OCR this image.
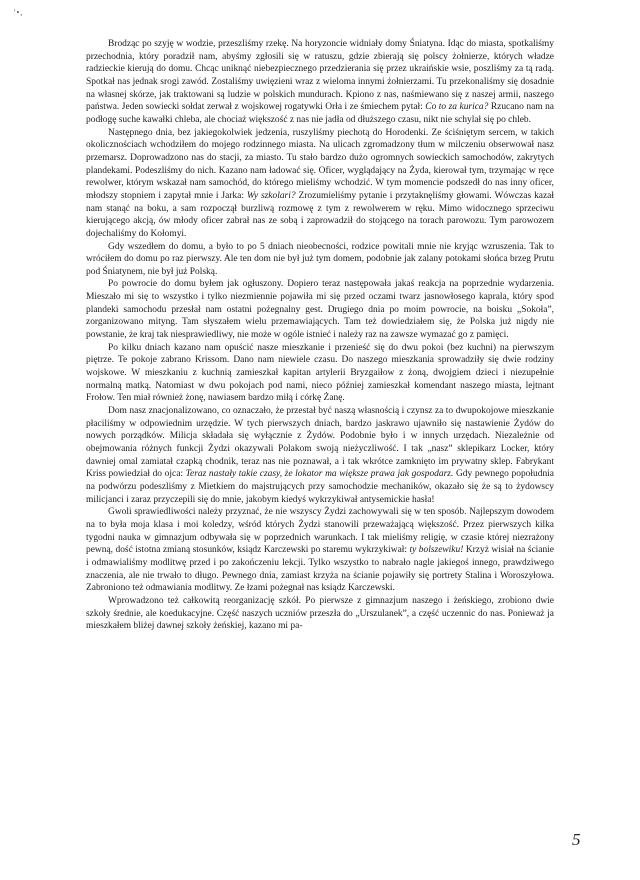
'•,

Brodząc po szyję w wodzie, przeszliśmy rzekę. Na horyzoncie widniały domy Śniatyna. Idąc do miasta, spotkaliśmy przechodnia, który poradził nam, abyśmy zgłosili się w ratuszu, gdzie zbierają się polscy żołnierze, których władze radzieckie kierują do domu. Chcąc uniknąć niebezpiecznego przedzierania się przez ukraińskie wsie, poszliśmy za tą radą. Spotkał nas jednak srogi zawód. Zostaliśmy uwięzieni wraz z wieloma innymi żołnierzami. Tu przekonaliśmy się dosadnie na własnej skórze, jak traktowani są ludzie w polskich mundurach. Kpiono z nas, naśmiewano się z naszej armii, naszego państwa. Jeden sowiecki sołdat zerwał z wojskowej rogatywki Orła i ze śmiechem pytał: Co to za kurica? Rzucano nam na podłogę suche kawałki chleba, ale chociaż większość z nas nie jadła od dłuższego czasu, nikt nie schylał się po chleb.

Następnego dnia, bez jakiegokolwiek jedzenia, ruszyliśmy piechotą do Horodenki. Ze ściśniętym sercem, w takich okolicznościach wchodziłem do mojego rodzinnego miasta. Na ulicach zgromadzony tłum w milczeniu obserwował nasz przemarsz. Doprowadzono nas do stacji, za miasto. Tu stało bardzo dużo ogromnych sowieckich samochodów, zakrytych plandekami. Podeszliśmy do nich. Kazano nam ładować się. Oficer, wyglądający na Żyda, kierował tym, trzymając w ręce rewolwer, którym wskazał nam samochód, do którego mieliśmy wchodzić. W tym momencie podszedł do nas inny oficer, młodszy stopniem i zapytał mnie i Jarka: Wy szkolari? Zrozumieliśmy pytanie i przytaknęliśmy głowami. Wówczas kazał nam stanąć na boku, a sam rozpoczął burzliwą rozmowę z tym z rewolwerem w ręku. Mimo widocznego sprzeciwu kierującego akcją, ów młody oficer zabrał nas ze sobą i zaprowadził do stojącego na torach parowozu. Tym parowozem dojechaliśmy do Kołomyi.

Gdy wszedłem do domu, a było to po 5 dniach nieobecności, rodzice powitali mnie nie kryjąc wzruszenia. Tak to wróciłem do domu po raz pierwszy. Ale ten dom nie był już tym domem, podobnie jak zalany potokami słońca brzeg Prutu pod Śniatynem, nie był już Polską.

Po powrocie do domu byłem jak ogłuszony. Dopiero teraz następowała jakaś reakcja na poprzednie wydarzenia. Mieszało mi się to wszystko i tylko niezmiennie pojawiła mi się przed oczami twarz jasnowłosego kaprala, który spod plandeki samochodu przesłał nam ostatni pożegnalny gest. Drugiego dnia po moim powrocie, na boisku „Sokoła”, zorganizowano mityng. Tam słyszałem wielu przemawiających. Tam też dowiedziałem się, że Polska już nigdy nie powstanie, że kraj tak niesprawiedliwy, nie może w ogóle istnieć i należy raz na zawsze wymazać go z pamięci.

Po kilku dniach kazano nam opuścić nasze mieszkanie i przenieść się do dwu pokoi (bez kuchni) na pierwszym piętrze. Te pokoje zabrano Krissom. Dano nam niewiele czasu. Do naszego mieszkania sprowadziły się dwie rodziny wojskowe. W mieszkaniu z kuchnią zamieszkał kapitan artylerii Bryzgaiłow z żoną, dwojgiem dzieci i niezupełnie normalną matką. Natomiast w dwu pokojach pod nami, nieco później zamieszkał komendant naszego miasta, lejtnant Frołow. Ten miał również żonę, nawiasem bardzo miłą i córkę Żanę.

Dom nasz znacjonalizowano, co oznaczało, że przestał być naszą własnością i czynsz za to dwupokojowe mieszkanie płaciliśmy w odpowiednim urzędzie. W tych pierwszych dniach, bardzo jaskrawo ujawniło się nastawienie Żydów do nowych porządków. Milicja składała się wyłącznie z Żydów. Podobnie było i w innych urzędach. Niezależnie od obejmowania różnych funkcji Żydzi okazywali Polakom swoją nieżyczliwość. I tak „nasz” sklepikarz Locker, który dawniej omal zamiatał czapką chodnik, teraz nas nie poznawał, a i tak wkrótce zamknięto im prywatny sklep. Fabrykant Kriss powiedział do ojca: Teraz nastały takie czasy, że lokator ma większe prawa jak gospodarz. Gdy pewnego popołudnia na podwórzu podeszliśmy z Mietkiem do majstrujących przy samochodzie mechaników, okazało się że są to żydowscy milicjanci i zaraz przyczepili się do mnie, jakobym kiedyś wykrzykiwał antysemickie hasła!

Gwoli sprawiedliwości należy przyznać, że nie wszyscy Żydzi zachowywali się w ten sposób. Najlepszym dowodem na to była moja klasa i moi koledzy, wśród których Żydzi stanowili przeważającą większość. Przez pierwszych kilka tygodni nauka w gimnazjum odbywała się w poprzednich warunkach. I tak mieliśmy religię, w czasie której niezrażony pewną, dość istotna zmianą stosunków, ksiądz Karczewski po staremu wykrzykiwał: ty bolszewiku! Krzyż wisiał na ścianie i odmawialiśmy modlitwę przed i po zakończeniu lekcji. Tylko wszystko to nabrało nagle jakiegoś innego, prawdziwego znaczenia, ale nie trwało to długo. Pewnego dnia, zamiast krzyża na ścianie pojawiły się portrety Stalina i Woroszyłowa. Zabroniono też odmawiania modlitwy. Ze łzami pożegnał nas ksiądz Karczewski.

Wprowadzono też całkowitą reorganizację szkół. Po pierwsze z gimnazjum naszego i żeńskiego, zrobiono dwie szkoły średnie, ale koedukacyjne. Część naszych uczniów przeszła do „Urszulanek”, a część uczennic do nas. Ponieważ ja mieszkałem bliżej dawnej szkoły żeńskiej, kazano mi pa-

5
